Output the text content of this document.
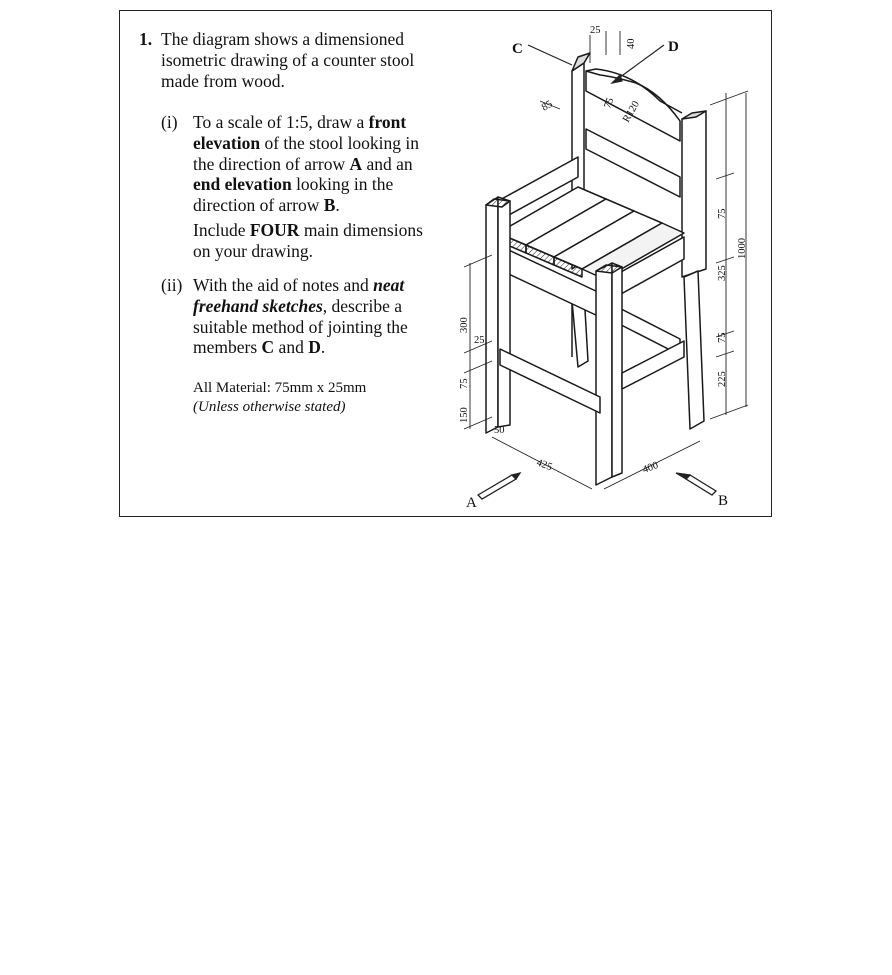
1. The diagram shows a dimensioned isometric drawing of a counter stool made from wood.
(i) To a scale of 1:5, draw a front elevation of the stool looking in the direction of arrow A and an end elevation looking in the direction of arrow B.
Include FOUR main dimensions on your drawing.
(ii) With the aid of notes and neat freehand sketches, describe a suitable method of jointing the members C and D.
All Material: 75mm x 25mm
(Unless otherwise stated)
C	D
A	B
25
40
85	75 R120
1000
75
325
75
225
300
25
75
150
50
425	400
